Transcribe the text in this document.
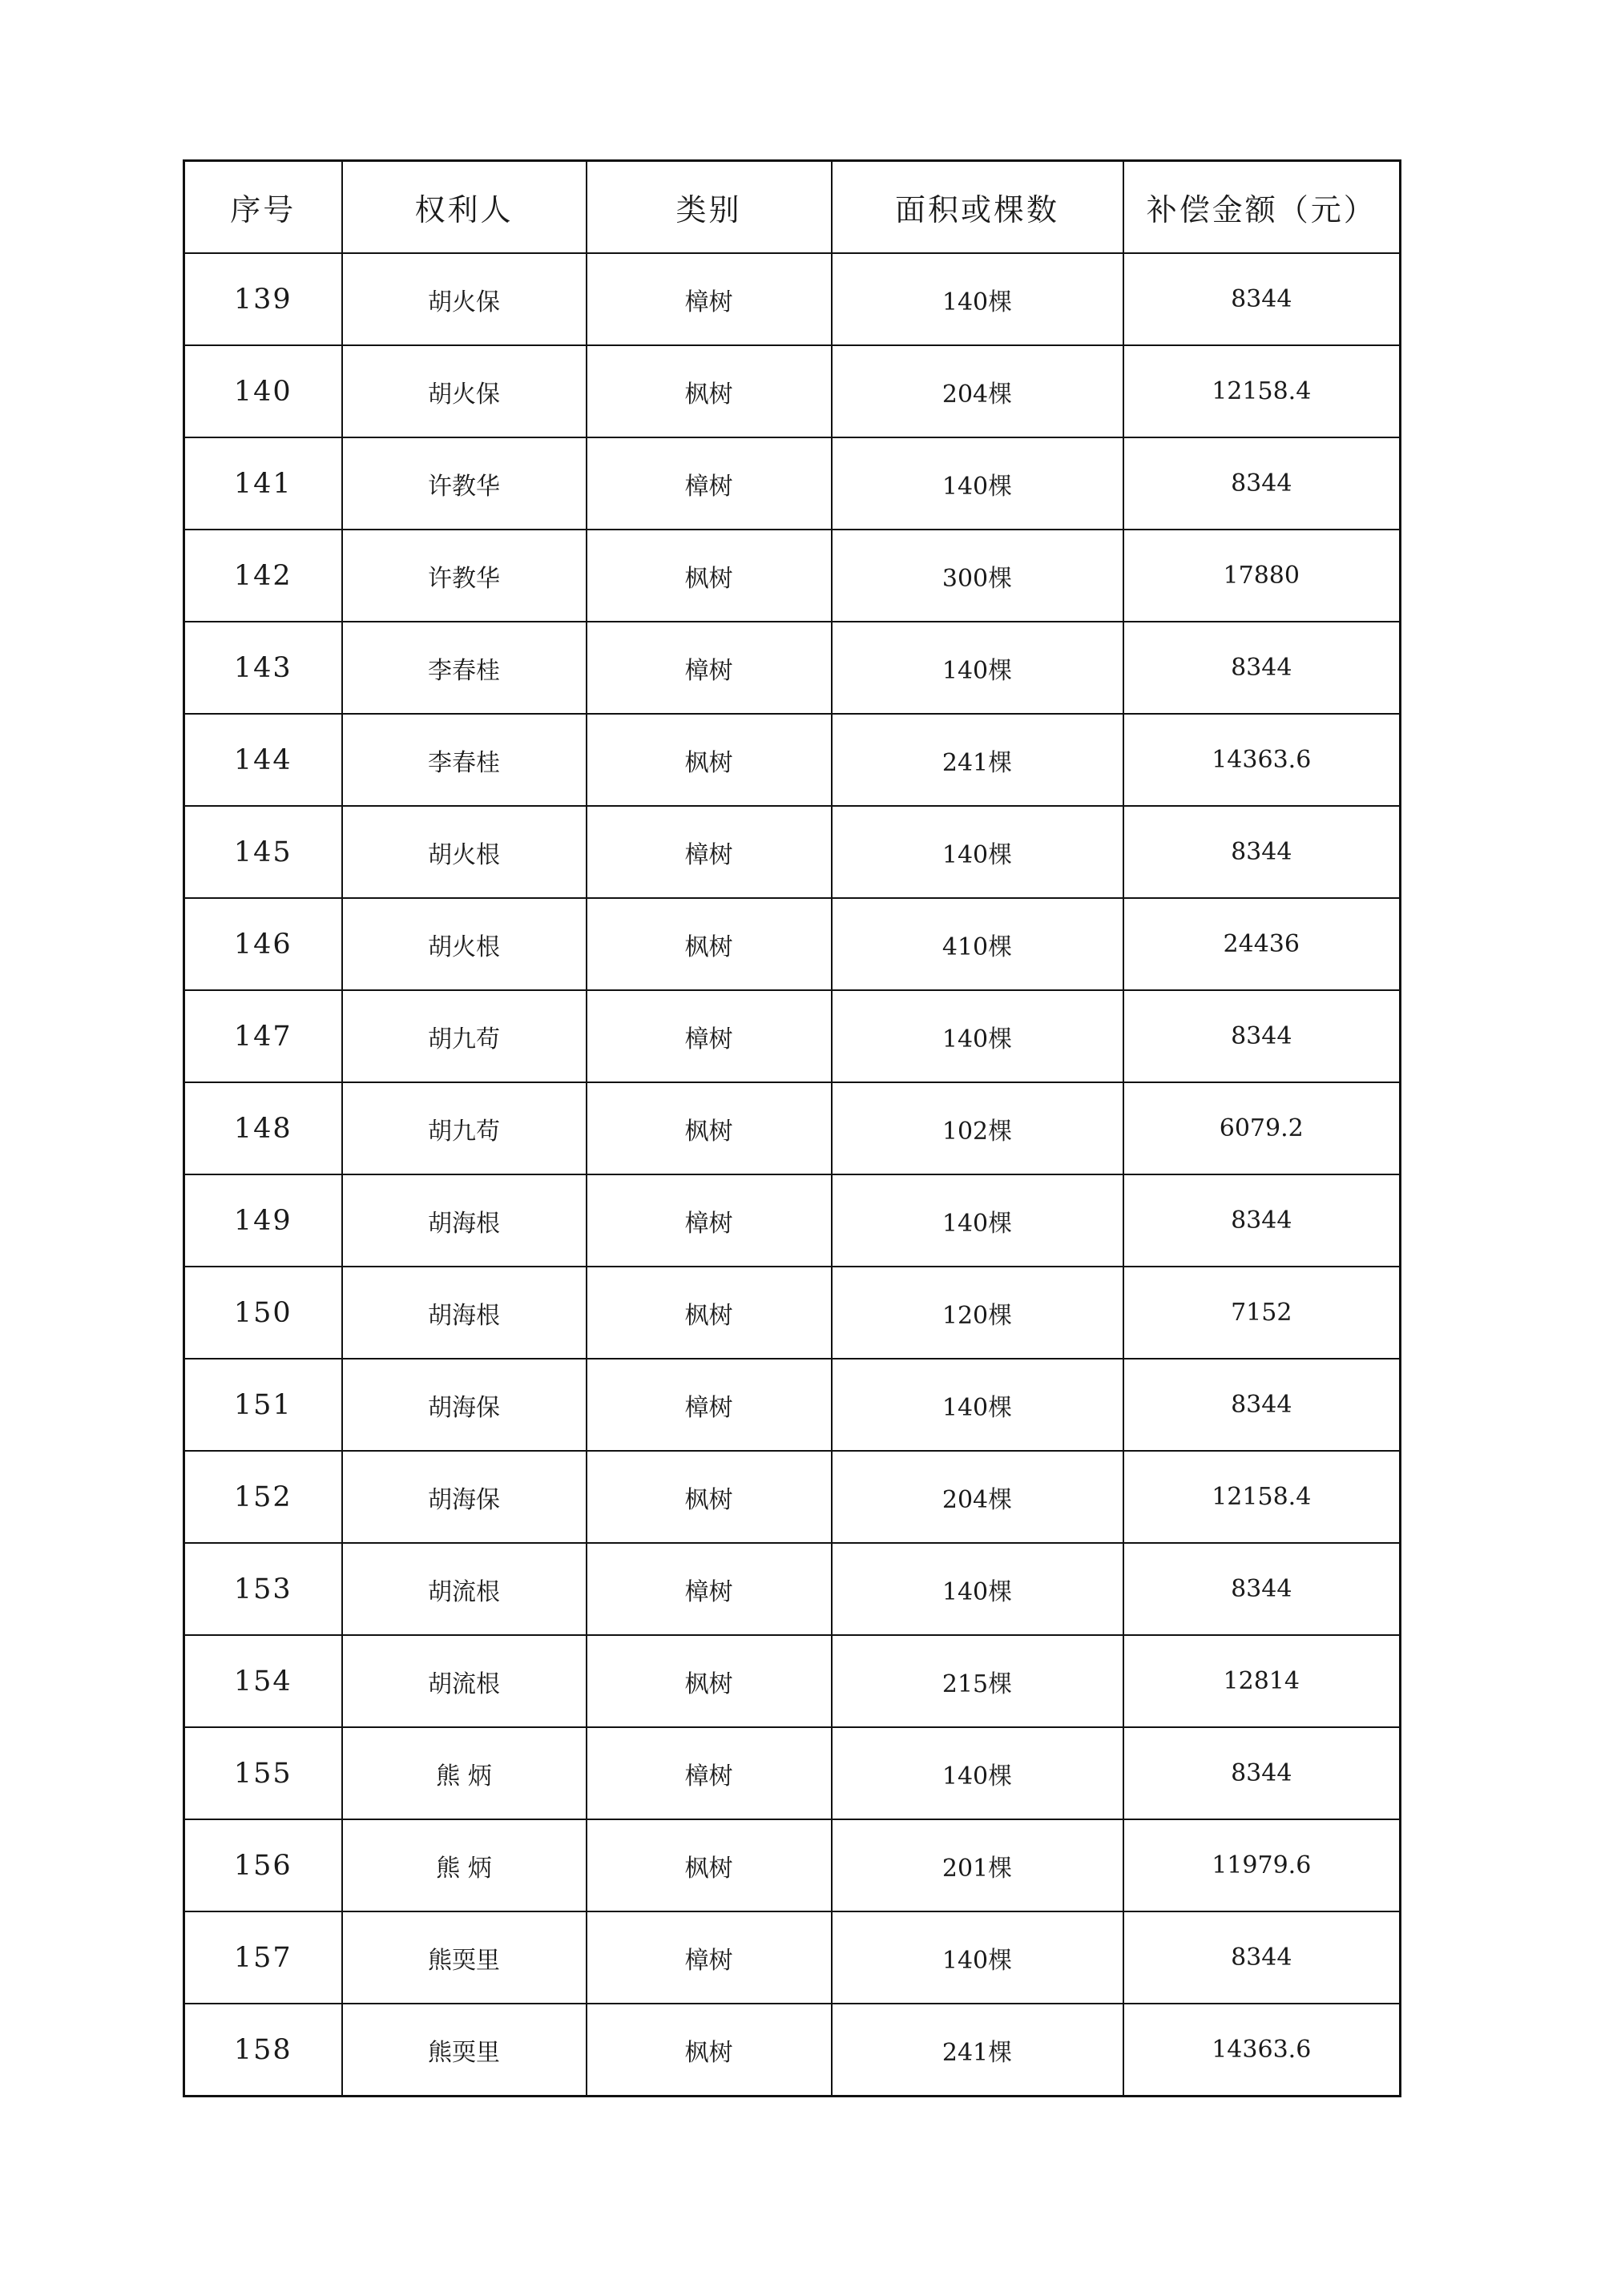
序号	权利人	类别	面积或棵数	补偿金额（元）
139	胡火保	樟树	140棵	8344
140	胡火保	枫树	204棵	12158.4
141	许教华	樟树	140棵	8344
142	许教华	枫树	300棵	17880
143	李春桂	樟树	140棵	8344
144	李春桂	枫树	241棵	14363.6
145	胡火根	樟树	140棵	8344
146	胡火根	枫树	410棵	24436
147	胡九苟	樟树	140棵	8344
148	胡九苟	枫树	102棵	6079.2
149	胡海根	樟树	140棵	8344
150	胡海根	枫树	120棵	7152
151	胡海保	樟树	140棵	8344
152	胡海保	枫树	204棵	12158.4
153	胡流根	樟树	140棵	8344
154	胡流根	枫树	215棵	12814
155	熊 炳	樟树	140棵	8344
156	熊 炳	枫树	201棵	11979.6
157	熊耎里	樟树	140棵	8344
158	熊耎里	枫树	241棵	14363.6
